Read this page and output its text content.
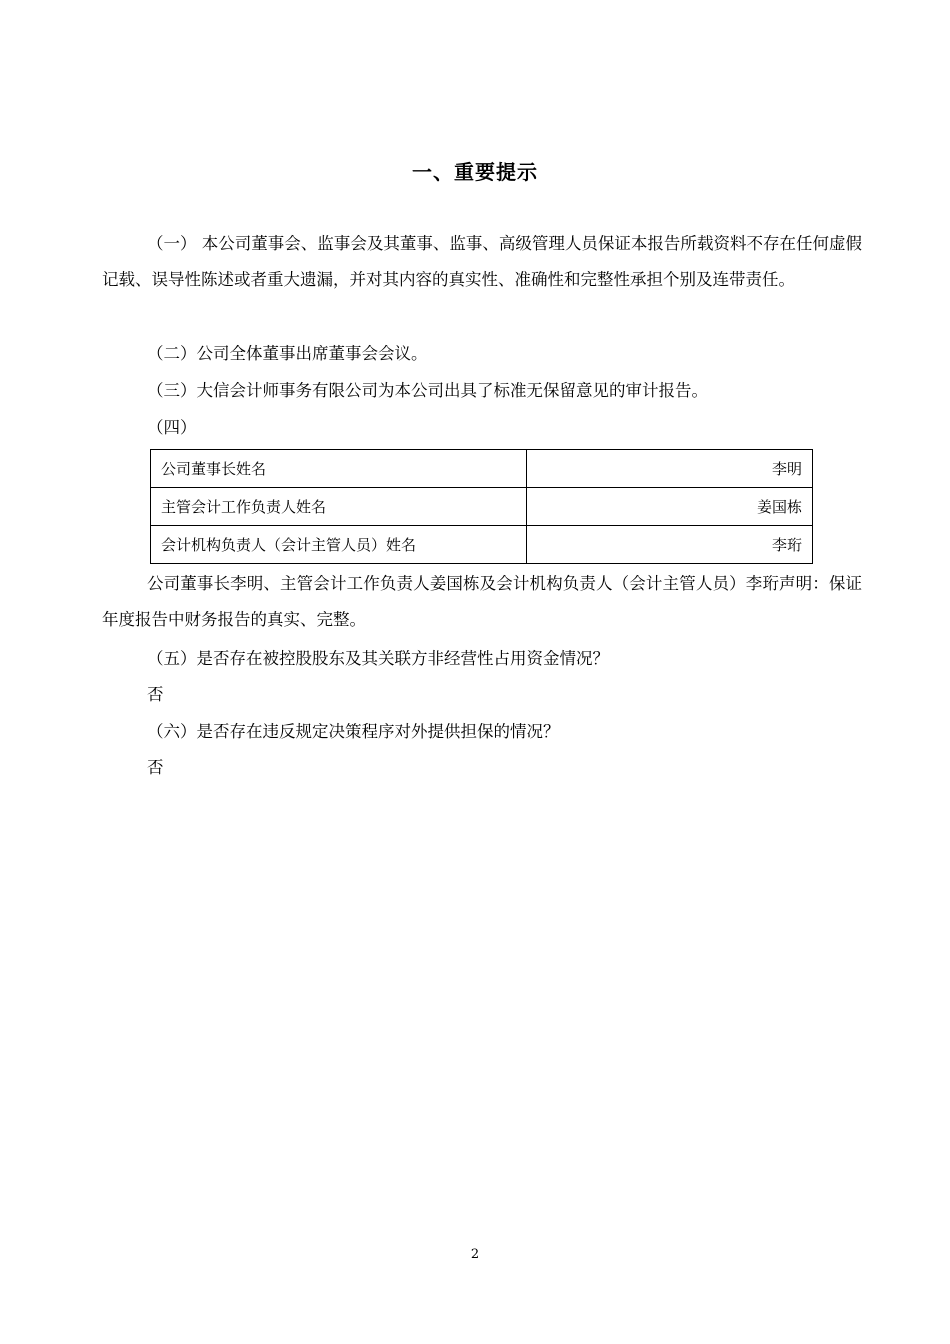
一、重要提示
（一） 本公司董事会、监事会及其董事、监事、高级管理人员保证本报告所载资料不存在任何虚假记载、误导性陈述或者重大遗漏，并对其内容的真实性、准确性和完整性承担个别及连带责任。
（二）公司全体董事出席董事会会议。
（三）大信会计师事务有限公司为本公司出具了标准无保留意见的审计报告。
（四）
公司董事长姓名	李明
主管会计工作负责人姓名	姜国栋
会计机构负责人（会计主管人员）姓名	李珩
公司董事长李明、主管会计工作负责人姜国栋及会计机构负责人（会计主管人员）李珩声明：保证年度报告中财务报告的真实、完整。
（五）是否存在被控股股东及其关联方非经营性占用资金情况？
否
（六）是否存在违反规定决策程序对外提供担保的情况？
否
2
